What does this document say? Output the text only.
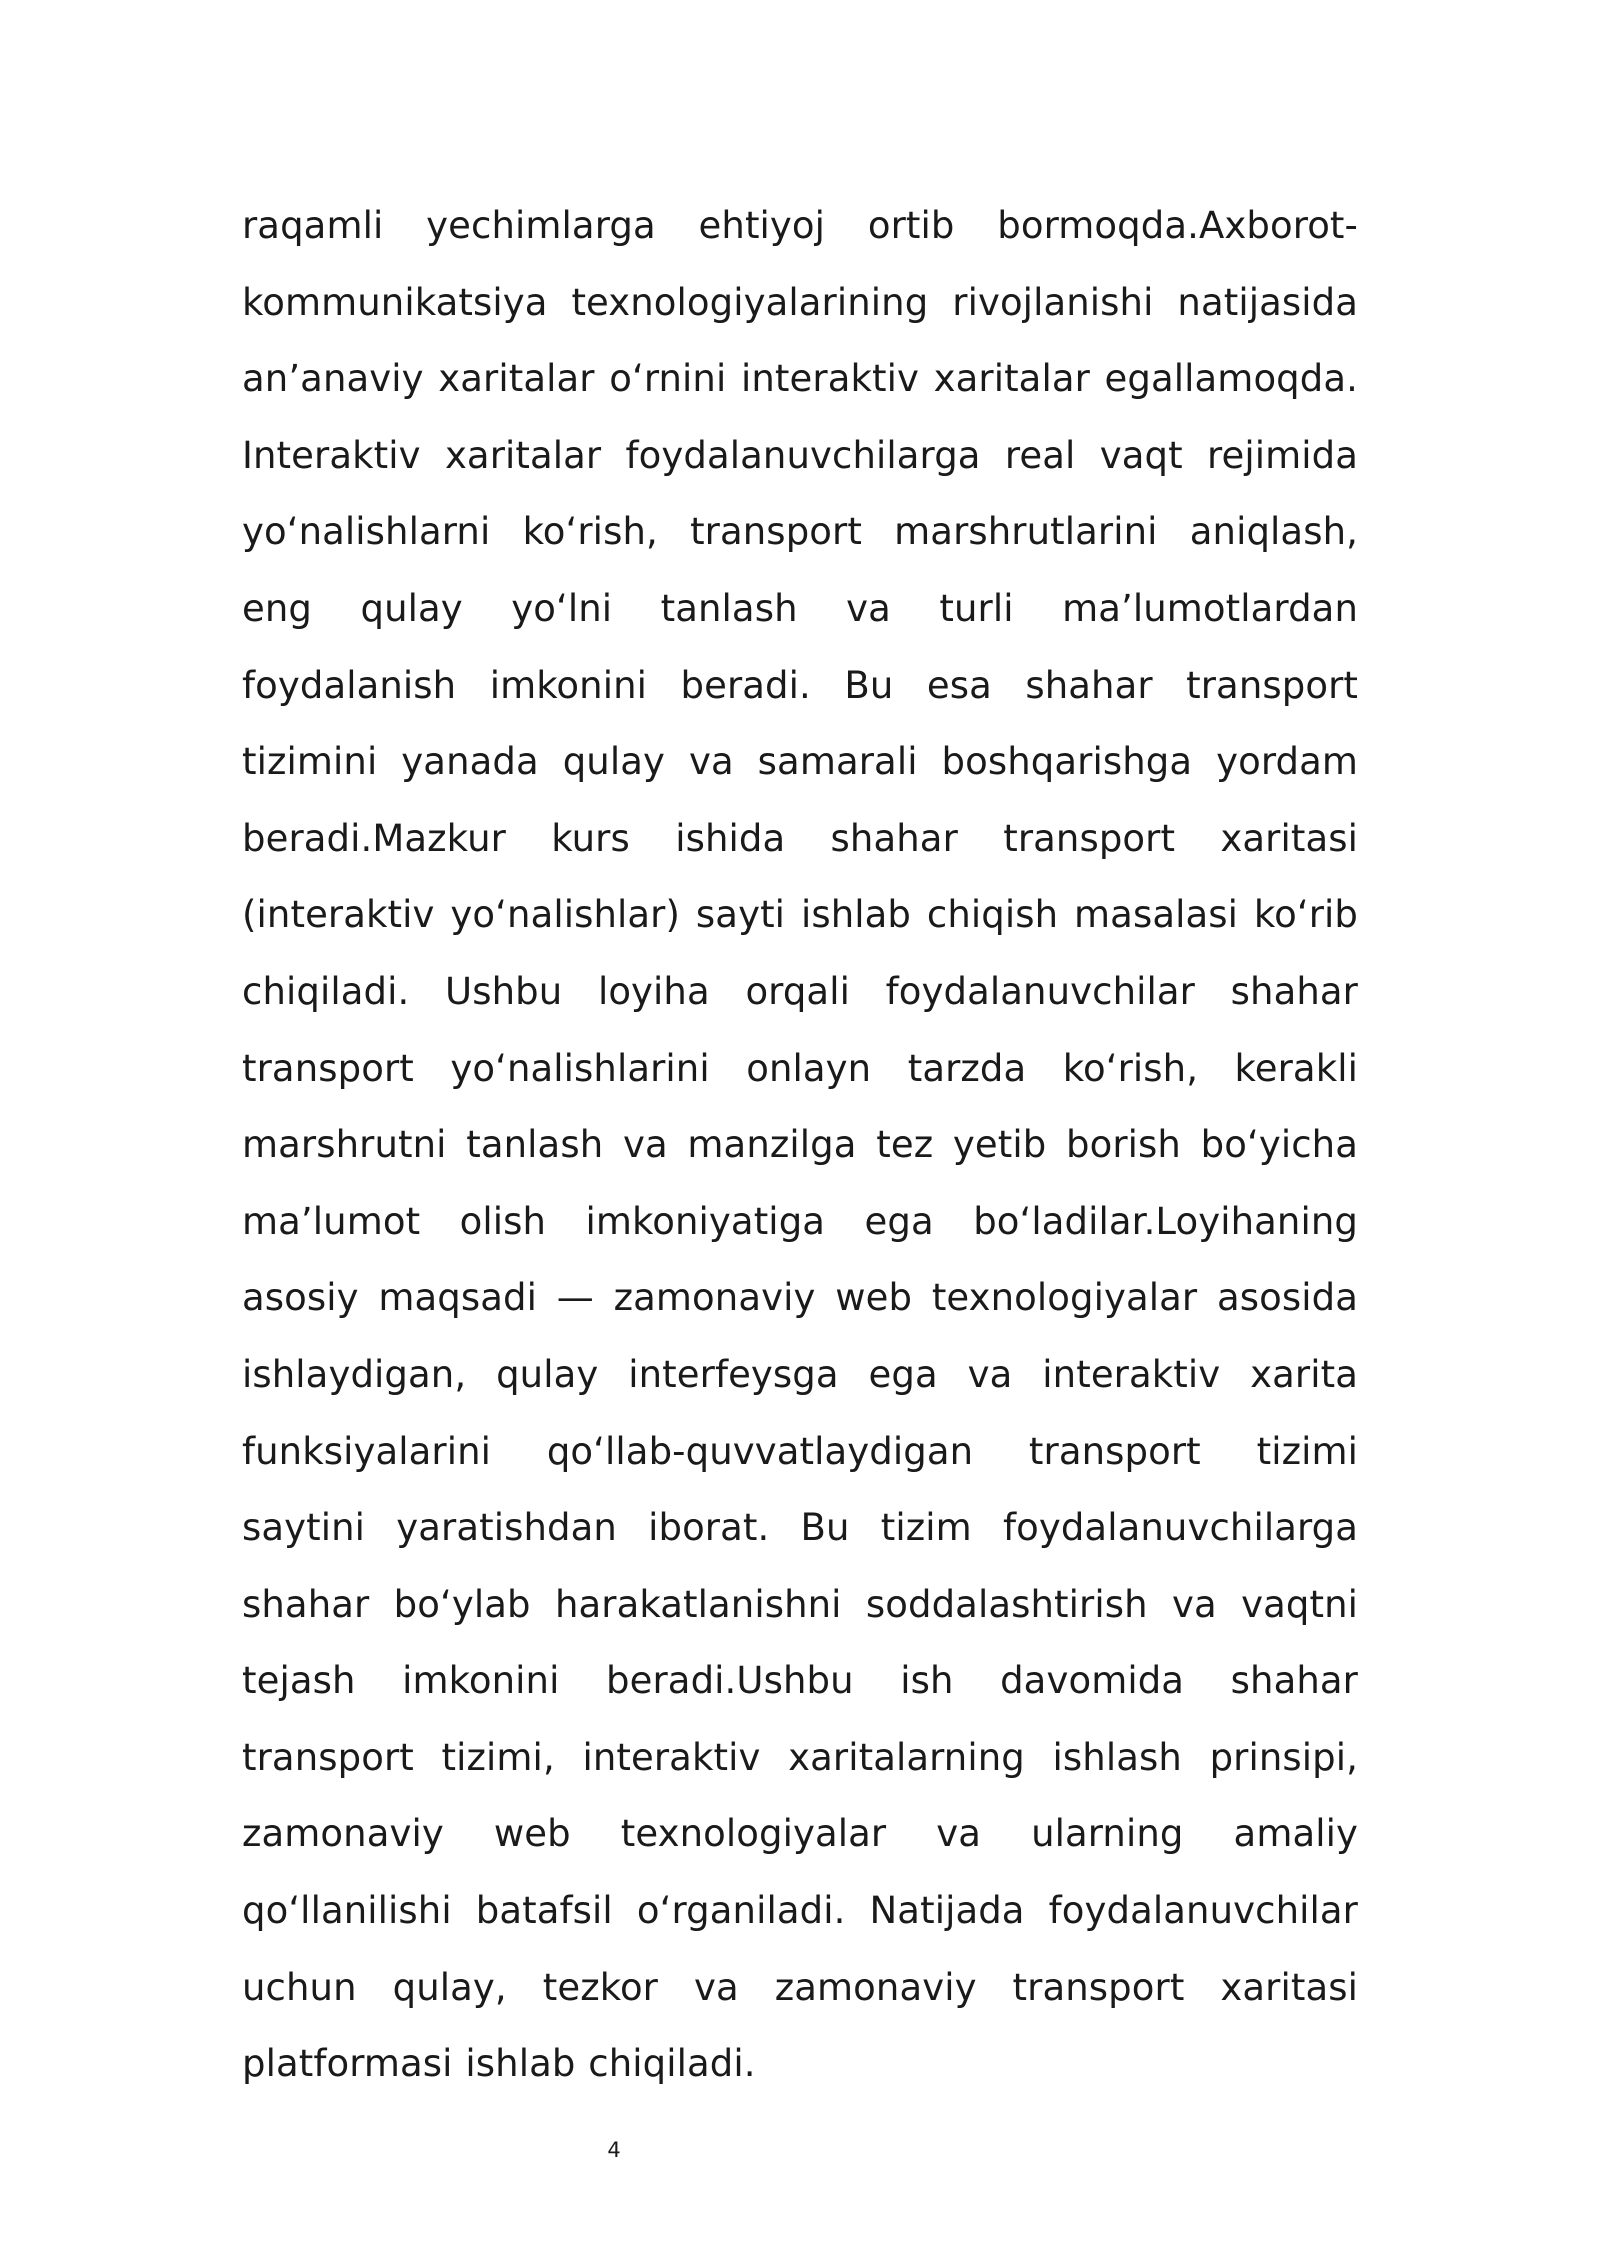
raqamli yechimlarga ehtiyoj ortib bormoqda.Axborot-kommunikatsiya texnologiyalarining rivojlanishi natijasida an’anaviy xaritalar o‘rnini interaktiv xaritalar egallamoqda. Interaktiv xaritalar foydalanuvchilarga real vaqt rejimida yo‘nalishlarni ko‘rish, transport marshrutlarini aniqlash, eng qulay yo‘lni tanlash va turli ma’lumotlardan foydalanish imkonini beradi. Bu esa shahar transport tizimini yanada qulay va samarali boshqarishga yordam beradi.Mazkur kurs ishida shahar transport xaritasi (interaktiv yo‘nalishlar) sayti ishlab chiqish masalasi ko‘rib chiqiladi. Ushbu loyiha orqali foydalanuvchilar shahar transport yo‘nalishlarini onlayn tarzda ko‘rish, kerakli marshrutni tanlash va manzilga tez yetib borish bo‘yicha ma’lumot olish imkoniyatiga ega bo‘ladilar.Loyihaning asosiy maqsadi — zamonaviy web texnologiyalar asosida ishlaydigan, qulay interfeysga ega va interaktiv xarita funksiyalarini qo‘llab-quvvatlaydigan transport tizimi saytini yaratishdan iborat. Bu tizim foydalanuvchilarga shahar bo‘ylab harakatlanishni soddalashtirish va vaqtni tejash imkonini beradi.Ushbu ish davomida shahar transport tizimi, interaktiv xaritalarning ishlash prinsipi, zamonaviy web texnologiyalar va ularning amaliy qo‘llanilishi batafsil o‘rganiladi. Natijada foydalanuvchilar uchun qulay, tezkor va zamonaviy transport xaritasi platformasi ishlab chiqiladi.

4
